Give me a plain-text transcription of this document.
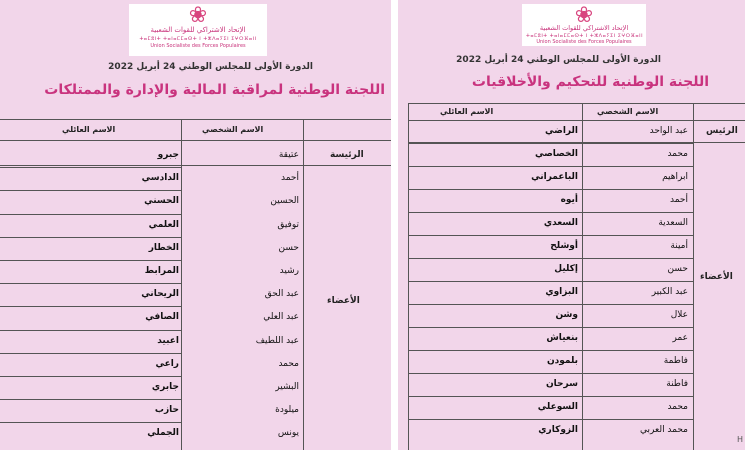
❀
الإتحاد الاشتراكي للقوات الشعبية
ⵜⴰⵎⵓⵏⵜ ⵜⴰⵏⴰⵎⵎⴰⵙⵜ ⵏ ⵜⵣⴷⴰⵢⵉⵏ ⵉⵖⵔⴼⴰⵏⵏ
Union Socialiste des Forces Populaires
الدورة الأولى للمجلس الوطني 24 أبريل 2022
اللجنة الوطنية لمراقبة المالية والإدارة والممتلكات
الاسم الشخصي
الاسم العائلي
الرئيسة
الأعضاء
عتيقة
جبرو
أحمد
الدادسي
الحسين
الحسني
توفيق
العلمي
حسن
الخطار
رشيد
المرابط
عبد الحق
الريحاني
عبد العلي
الصافي
عبد اللطيف
اعبيد
محمد
راعي
البشير
جابري
ميلودة
حازب
يونس
الجملي
❀
الإتحاد الاشتراكي للقوات الشعبية
ⵜⴰⵎⵓⵏⵜ ⵜⴰⵏⴰⵎⵎⴰⵙⵜ ⵏ ⵜⵣⴷⴰⵢⵉⵏ ⵉⵖⵔⴼⴰⵏⵏ
Union Socialiste des Forces Populaires
الدورة الأولى للمجلس الوطني 24 أبريل 2022
اللجنة الوطنية للتحكيم والأخلاقيات
الاسم الشخصي
الاسم العائلي
الرئيس
الأعضاء
عبد الواحد
الراضي
محمد
الخصاصي
ابراهيم
الباعمراني
أحمد
أيوه
السعدية
السعدي
أمينة
أوشلح
حسن
إكليل
عبد الكبير
البزاوي
علال
وشن
عمر
بنعياش
فاطمة
بلمودن
فاطنة
سرحان
محمد
السوعلي
محمد العربي
الزوكاري
H
